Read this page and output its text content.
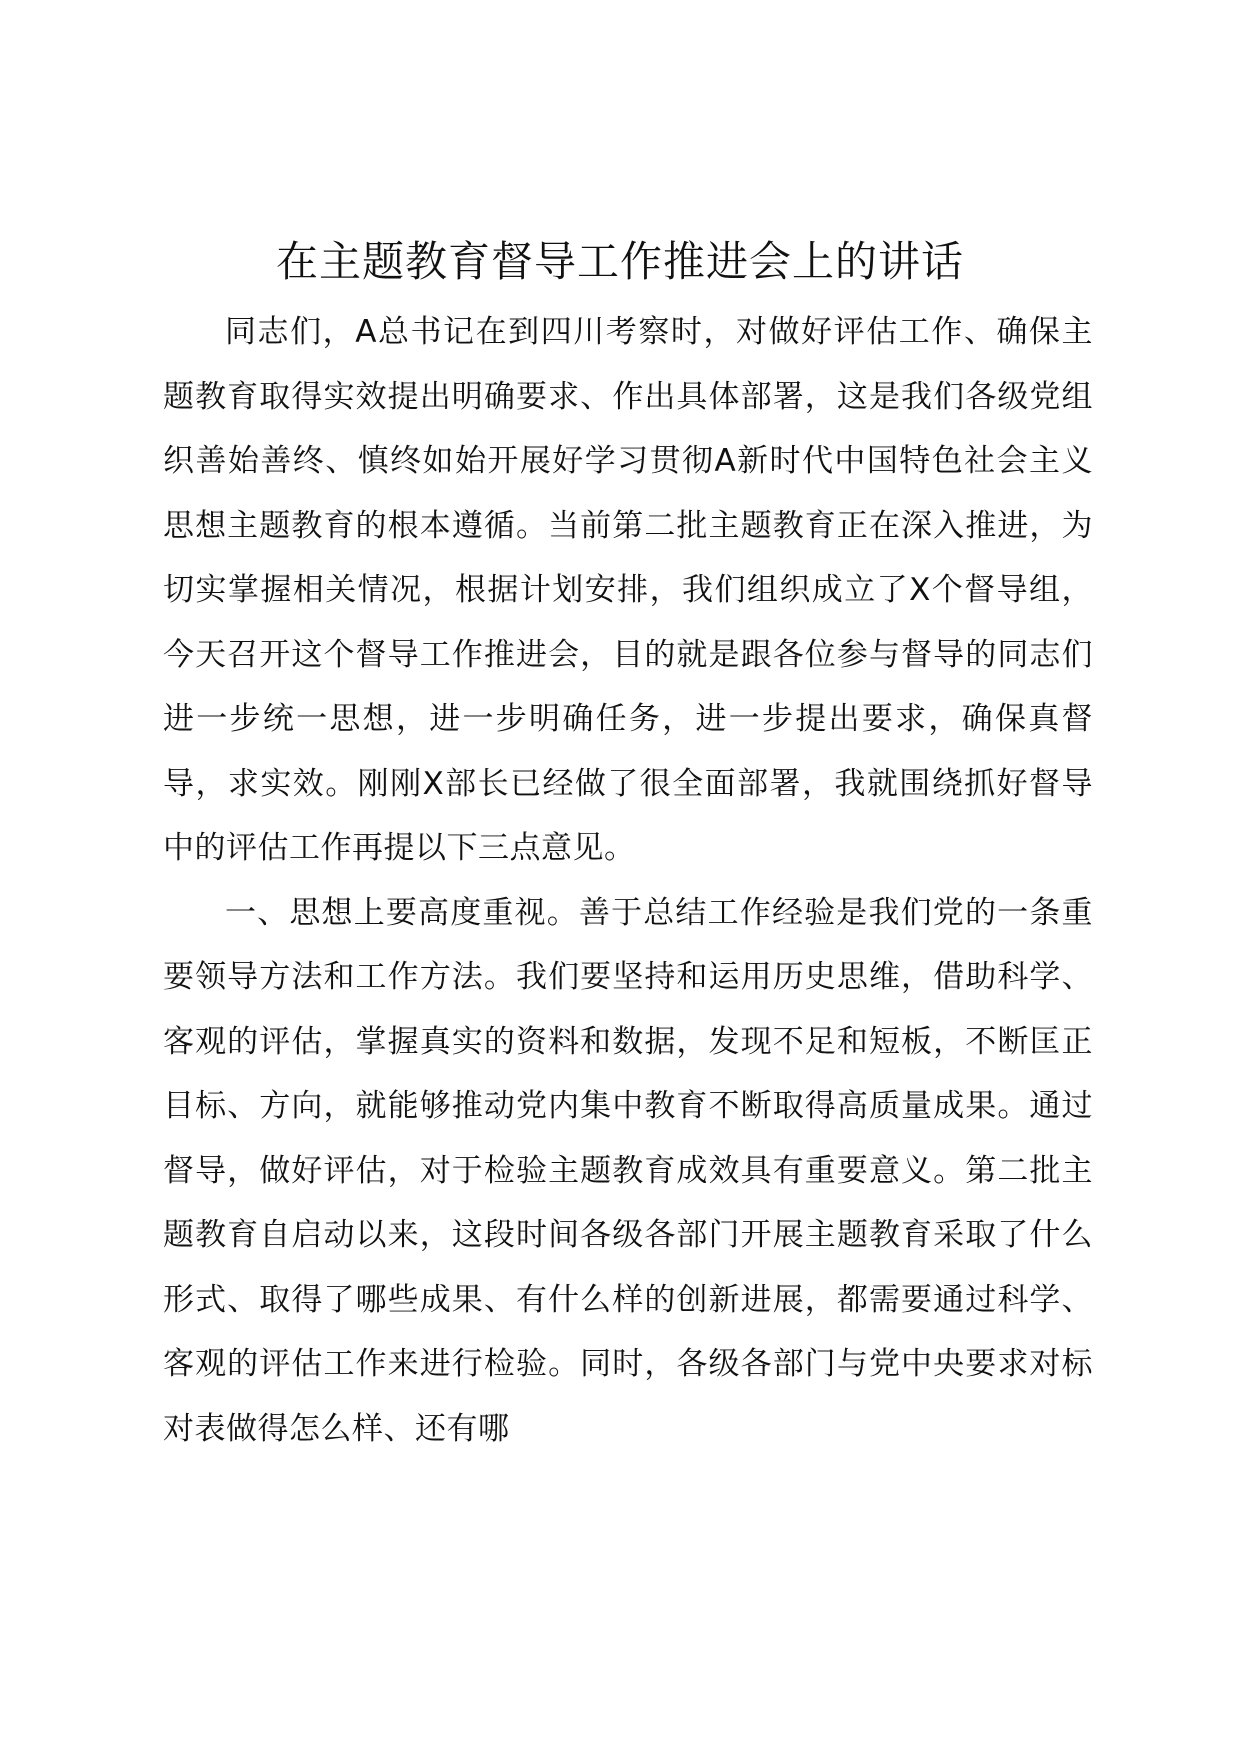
在主题教育督导工作推进会上的讲话

同志们，A总书记在到四川考察时，对做好评估工作、确保主题教育取得实效提出明确要求、作出具体部署，这是我们各级党组织善始善终、慎终如始开展好学习贯彻A新时代中国特色社会主义思想主题教育的根本遵循。当前第二批主题教育正在深入推进，为切实掌握相关情况，根据计划安排，我们组织成立了X个督导组，今天召开这个督导工作推进会，目的就是跟各位参与督导的同志们进一步统一思想，进一步明确任务，进一步提出要求，确保真督导，求实效。刚刚X部长已经做了很全面部署，我就围绕抓好督导中的评估工作再提以下三点意见。

一、思想上要高度重视。善于总结工作经验是我们党的一条重要领导方法和工作方法。我们要坚持和运用历史思维，借助科学、客观的评估，掌握真实的资料和数据，发现不足和短板，不断匡正目标、方向，就能够推动党内集中教育不断取得高质量成果。通过督导，做好评估，对于检验主题教育成效具有重要意义。第二批主题教育自启动以来，这段时间各级各部门开展主题教育采取了什么形式、取得了哪些成果、有什么样的创新进展，都需要通过科学、客观的评估工作来进行检验。同时，各级各部门与党中央要求对标对表做得怎么样、还有哪
